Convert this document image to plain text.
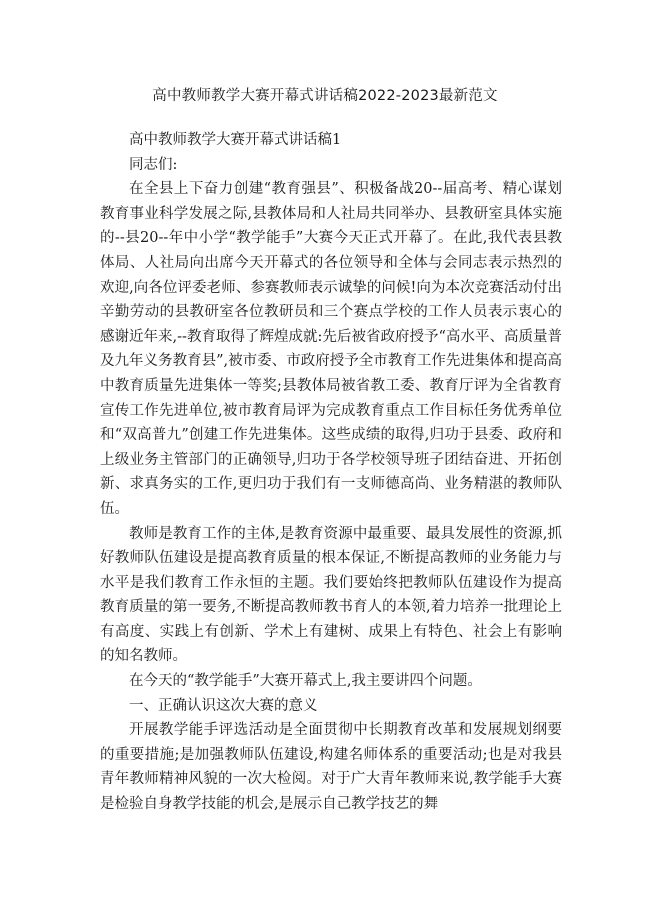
高中教师教学大赛开幕式讲话稿2022-2023最新范文

高中教师教学大赛开幕式讲话稿1

同志们:

在全县上下奋力创建“教育强县”、积极备战20--届高考、精心谋划教育事业科学发展之际,县教体局和人社局共同举办、县教研室具体实施的--县20--年中小学“教学能手”大赛今天正式开幕了。在此,我代表县教体局、人社局向出席今天开幕式的各位领导和全体与会同志表示热烈的欢迎,向各位评委老师、参赛教师表示诚挚的问候!向为本次竞赛活动付出辛勤劳动的县教研室各位教研员和三个赛点学校的工作人员表示衷心的感谢近年来,--教育取得了辉煌成就:先后被省政府授予“高水平、高质量普及九年义务教育县”,被市委、市政府授予全市教育工作先进集体和提高高中教育质量先进集体一等奖;县教体局被省教工委、教育厅评为全省教育宣传工作先进单位,被市教育局评为完成教育重点工作目标任务优秀单位和“双高普九”创建工作先进集体。这些成绩的取得,归功于县委、政府和上级业务主管部门的正确领导,归功于各学校领导班子团结奋进、开拓创新、求真务实的工作,更归功于我们有一支师德高尚、业务精湛的教师队伍。

教师是教育工作的主体,是教育资源中最重要、最具发展性的资源,抓好教师队伍建设是提高教育质量的根本保证,不断提高教师的业务能力与水平是我们教育工作永恒的主题。我们要始终把教师队伍建设作为提高教育质量的第一要务,不断提高教师教书育人的本领,着力培养一批理论上有高度、实践上有创新、学术上有建树、成果上有特色、社会上有影响的知名教师。

在今天的“教学能手”大赛开幕式上,我主要讲四个问题。

一、正确认识这次大赛的意义

开展教学能手评选活动是全面贯彻中长期教育改革和发展规划纲要的重要措施;是加强教师队伍建设,构建名师体系的重要活动;也是对我县青年教师精神风貌的一次大检阅。对于广大青年教师来说,教学能手大赛是检验自身教学技能的机会,是展示自己教学技艺的舞
